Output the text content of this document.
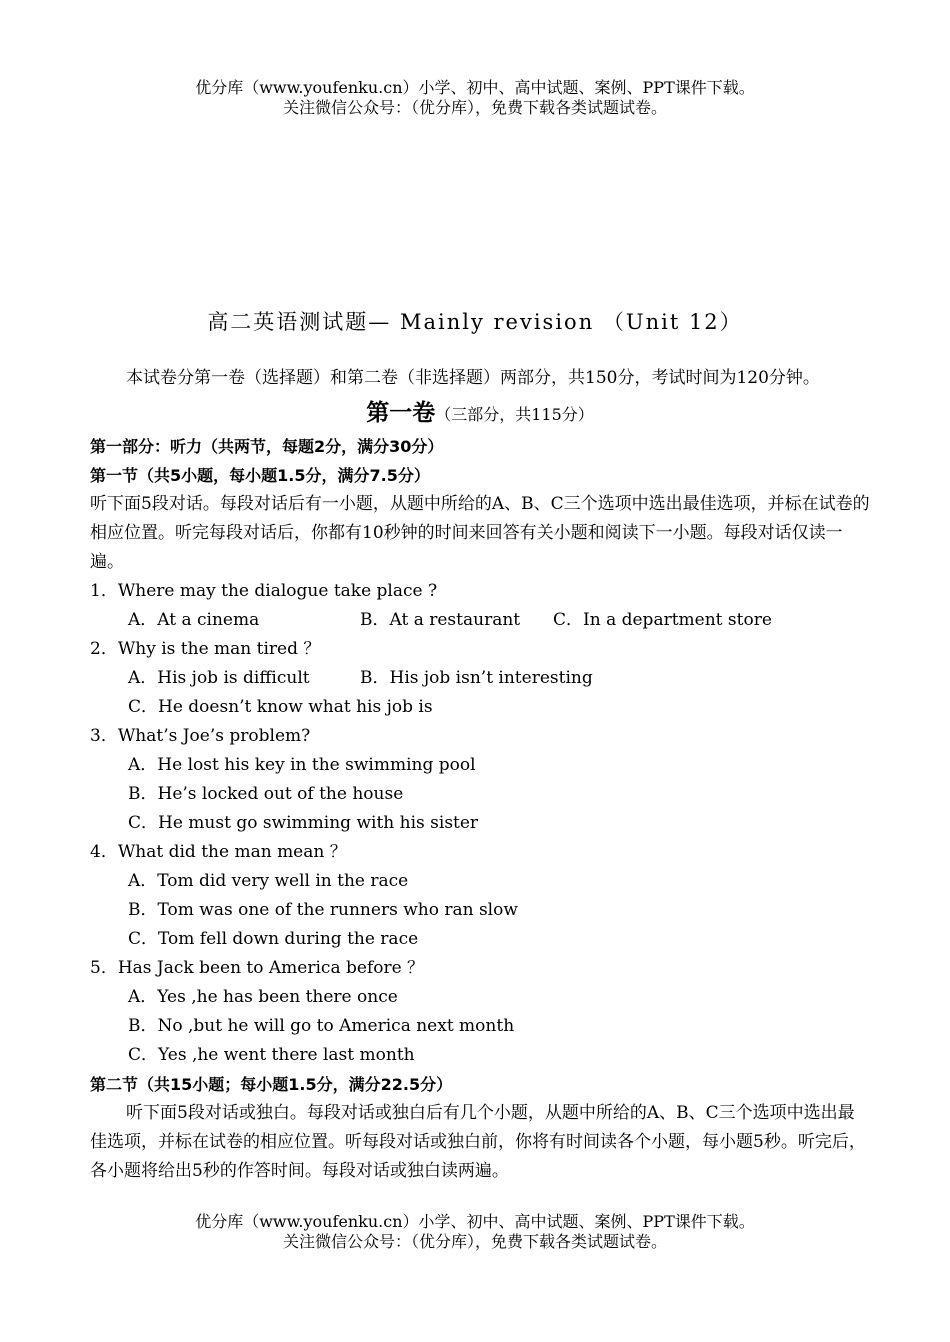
优分库（www.youfenku.cn）小学、初中、高中试题、案例、PPT课件下载。
关注微信公众号：（优分库），免费下载各类试题试卷。
高二英语测试题— Mainly revision （Unit 12）

本试卷分第一卷（选择题）和第二卷（非选择题）两部分，共150分，考试时间为120分钟。

第一卷（三部分，共115分）
第一部分：听力（共两节，每题2分，满分30分）
第一节（共5小题，每小题1.5分，满分7.5分）

听下面5段对话。每段对话后有一小题，从题中所给的A、B、C三个选项中选出最佳选项，并标在试卷的相应位置。听完每段对话后，你都有10秒钟的时间来回答有关小题和阅读下一小题。每段对话仅读一遍。

1．Where may the dialogue take place ?
A．At a cinema	B．At a restaurant C．In a department store
2．Why is the man tired ？
A．His job is difficult	B．His job isn’t interesting
C．He doesn’t know what his job is
3．What’s Joe’s problem?
A．He lost his key in the swimming pool
B．He’s locked out of the house
C．He must go swimming with his sister
4．What did the man mean ？
A．Tom did very well in the race
B．Tom was one of the runners who ran slow
C．Tom fell down during the race
5．Has Jack been to America before ？
A．Yes ,he has been there once
B．No ,but he will go to America next month
C．Yes ,he went there last month
第二节（共15小题；每小题1.5分，满分22.5分）

听下面5段对话或独白。每段对话或独白后有几个小题，从题中所给的A、B、C三个选项中选出最佳选项，并标在试卷的相应位置。听每段对话或独白前，你将有时间读各个小题，每小题5秒。听完后，各小题将给出5秒的作答时间。每段对话或独白读两遍。

优分库（www.youfenku.cn）小学、初中、高中试题、案例、PPT课件下载。
关注微信公众号：（优分库），免费下载各类试题试卷。
